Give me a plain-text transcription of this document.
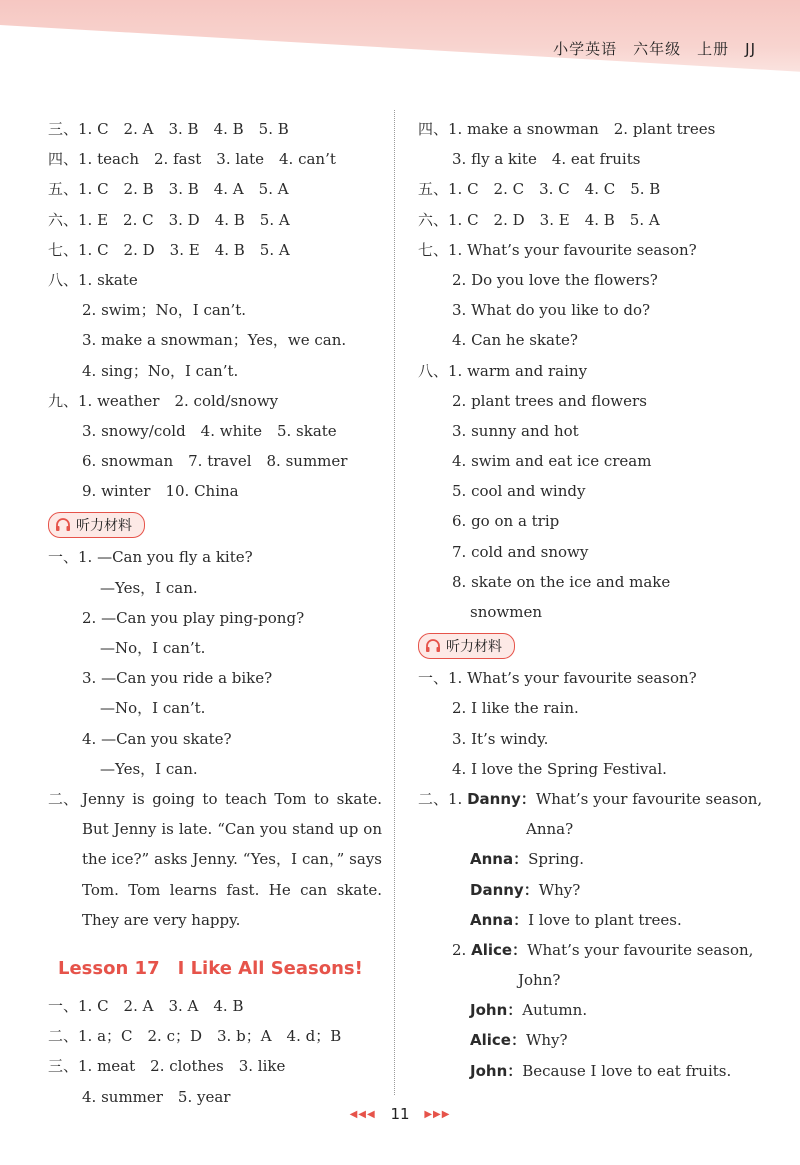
小学英语　六年级　上册　JJ
三、1. C　2. A　3. B　4. B　5. B
四、1. teach　2. fast　3. late　4. can’t
五、1. C　2. B　3. B　4. A　5. A
六、1. E　2. C　3. D　4. B　5. A
七、1. C　2. D　3. E　4. B　5. A
八、1. skate
2. swim；No，I can’t.
3. make a snowman；Yes，we can.
4. sing；No，I can’t.
九、1. weather　2. cold/snowy
3. snowy/cold　4. white　5. skate
6. snowman　7. travel　8. summer
9. winter　10. China
听力材料
一、1. —Can you fly a kite?
—Yes，I can.
2. —Can you play ping-pong?
—No，I can’t.
3. —Can you ride a bike?
—No，I can’t.
4. —Can you skate?
—Yes，I can.
二、 Jenny is going to teach Tom to skate. But Jenny is late. “Can you stand up on the ice?” asks Jenny. “Yes，I can，” says Tom. Tom learns fast. He can skate. They are very happy.
Lesson 17　I Like All Seasons!
一、1. C　2. A　3. A　4. B
二、1. a；C　2. c；D　3. b；A　4. d；B
三、1. meat　2. clothes　3. like
4. summer　5. year
四、1. make a snowman　2. plant trees
3. fly a kite　4. eat fruits
五、1. C　2. C　3. C　4. C　5. B
六、1. C　2. D　3. E　4. B　5. A
七、1. What’s your favourite season?
2. Do you love the flowers?
3. What do you like to do?
4. Can he skate?
八、1. warm and rainy
2. plant trees and flowers
3. sunny and hot
4. swim and eat ice cream
5. cool and windy
6. go on a trip
7. cold and snowy
8. skate on the ice and make
snowmen
听力材料
一、1. What’s your favourite season?
2. I like the rain.
3. It’s windy.
4. I love the Spring Festival.
二、1. Danny：What’s your favourite season,
Anna?
Anna：Spring.
Danny：Why?
Anna：I love to plant trees.
2. Alice：What’s your favourite season,
John?
John：Autumn.
Alice：Why?
John：Because I love to eat fruits.
◀◀◀ 11 ▶▶▶
